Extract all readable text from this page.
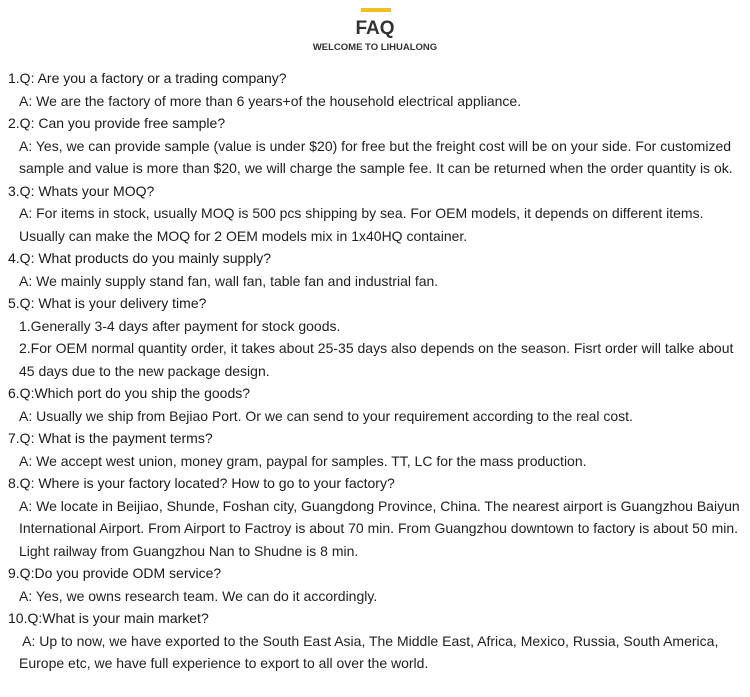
FAQ
WELCOME TO LIHUALONG
1.Q: Are you a factory or a trading company?
A: We are the factory of more than 6 years+of the household electrical appliance.
2.Q: Can you provide free sample?
A: Yes, we can provide sample (value is under $20) for free but the freight cost will be on your side. For customized
sample and value is more than $20, we will charge the sample fee. It can be returned when the order quantity is ok.
3.Q: Whats your MOQ?
A: For items in stock, usually MOQ is 500 pcs shipping by sea. For OEM models, it depends on different items.
Usually can make the MOQ for 2 OEM models mix in 1x40HQ container.
4.Q: What products do you mainly supply?
A: We mainly supply stand fan, wall fan, table fan and industrial fan.
5.Q: What is your delivery time?
1.Generally 3-4 days after payment for stock goods.
2.For OEM normal quantity order, it takes about 25-35 days also depends on the season. Fisrt order will talke about
45 days due to the new package design.
6.Q:Which port do you ship the goods?
A: Usually we ship from Bejiao Port. Or we can send to your requirement according to the real cost.
7.Q: What is the payment terms?
A: We accept west union, money gram, paypal for samples. TT, LC for the mass production.
8.Q: Where is your factory located? How to go to your factory?
A: We locate in Beijiao, Shunde, Foshan city, Guangdong Province, China. The nearest airport is Guangzhou Baiyun
International Airport. From Airport to Factroy is about 70 min. From Guangzhou downtown to factory is about 50 min.
Light railway from Guangzhou Nan to Shudne is 8 min.
9.Q:Do you provide ODM service?
A: Yes, we owns research team. We can do it accordingly.
10.Q:What is your main market?
A: Up to now, we have exported to the South East Asia, The Middle East, Africa, Mexico, Russia, South America,
Europe etc, we have full experience to export to all over the world.
